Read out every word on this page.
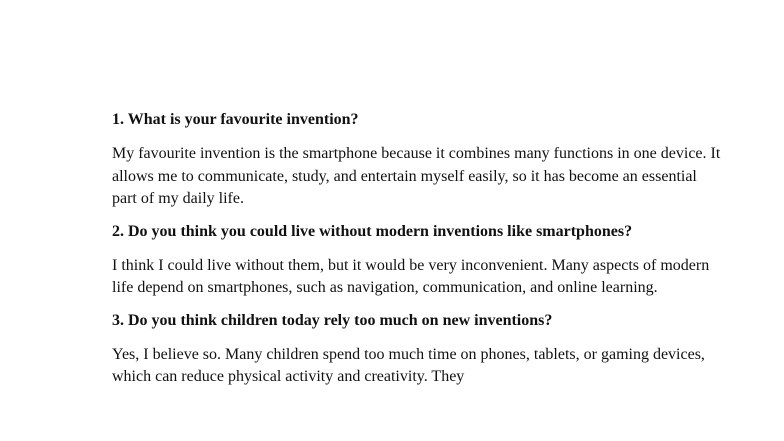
1. What is your favourite invention?

My favourite invention is the smartphone because it combines many functions in one device. It allows me to communicate, study, and entertain myself easily, so it has become an essential part of my daily life.

2. Do you think you could live without modern inventions like smartphones?

I think I could live without them, but it would be very inconvenient. Many aspects of modern life depend on smartphones, such as navigation, communication, and online learning.

3. Do you think children today rely too much on new inventions?

Yes, I believe so. Many children spend too much time on phones, tablets, or gaming devices, which can reduce physical activity and creativity. They
